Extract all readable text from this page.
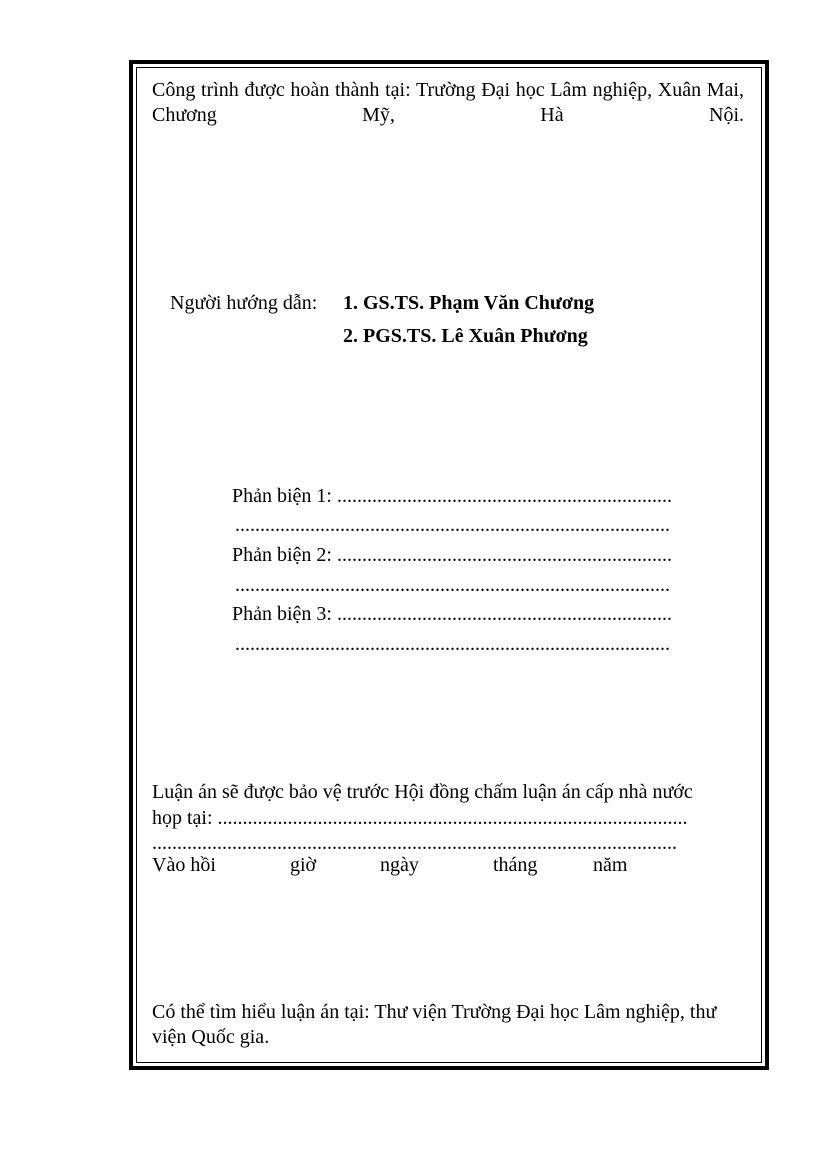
Công trình được hoàn thành tại: Trường Đại học Lâm nghiệp, Xuân Mai, Chương Mỹ, Hà Nội.
Người hướng dẫn: 1. GS.TS. Phạm Văn Chương
2. PGS.TS. Lê Xuân Phương
Phản biện 1: ...................................................................
.......................................................................................
Phản biện 2: ...................................................................
.......................................................................................
Phản biện 3: ...................................................................
.......................................................................................
Luận án sẽ được bảo vệ trước Hội đồng chấm luận án cấp nhà nước
họp tại: ..............................................................................................
.........................................................................................................
Vào hồi	giờ	ngày	tháng	năm
Có thể tìm hiểu luận án tại: Thư viện Trường Đại học Lâm nghiệp, thư viện Quốc gia.
